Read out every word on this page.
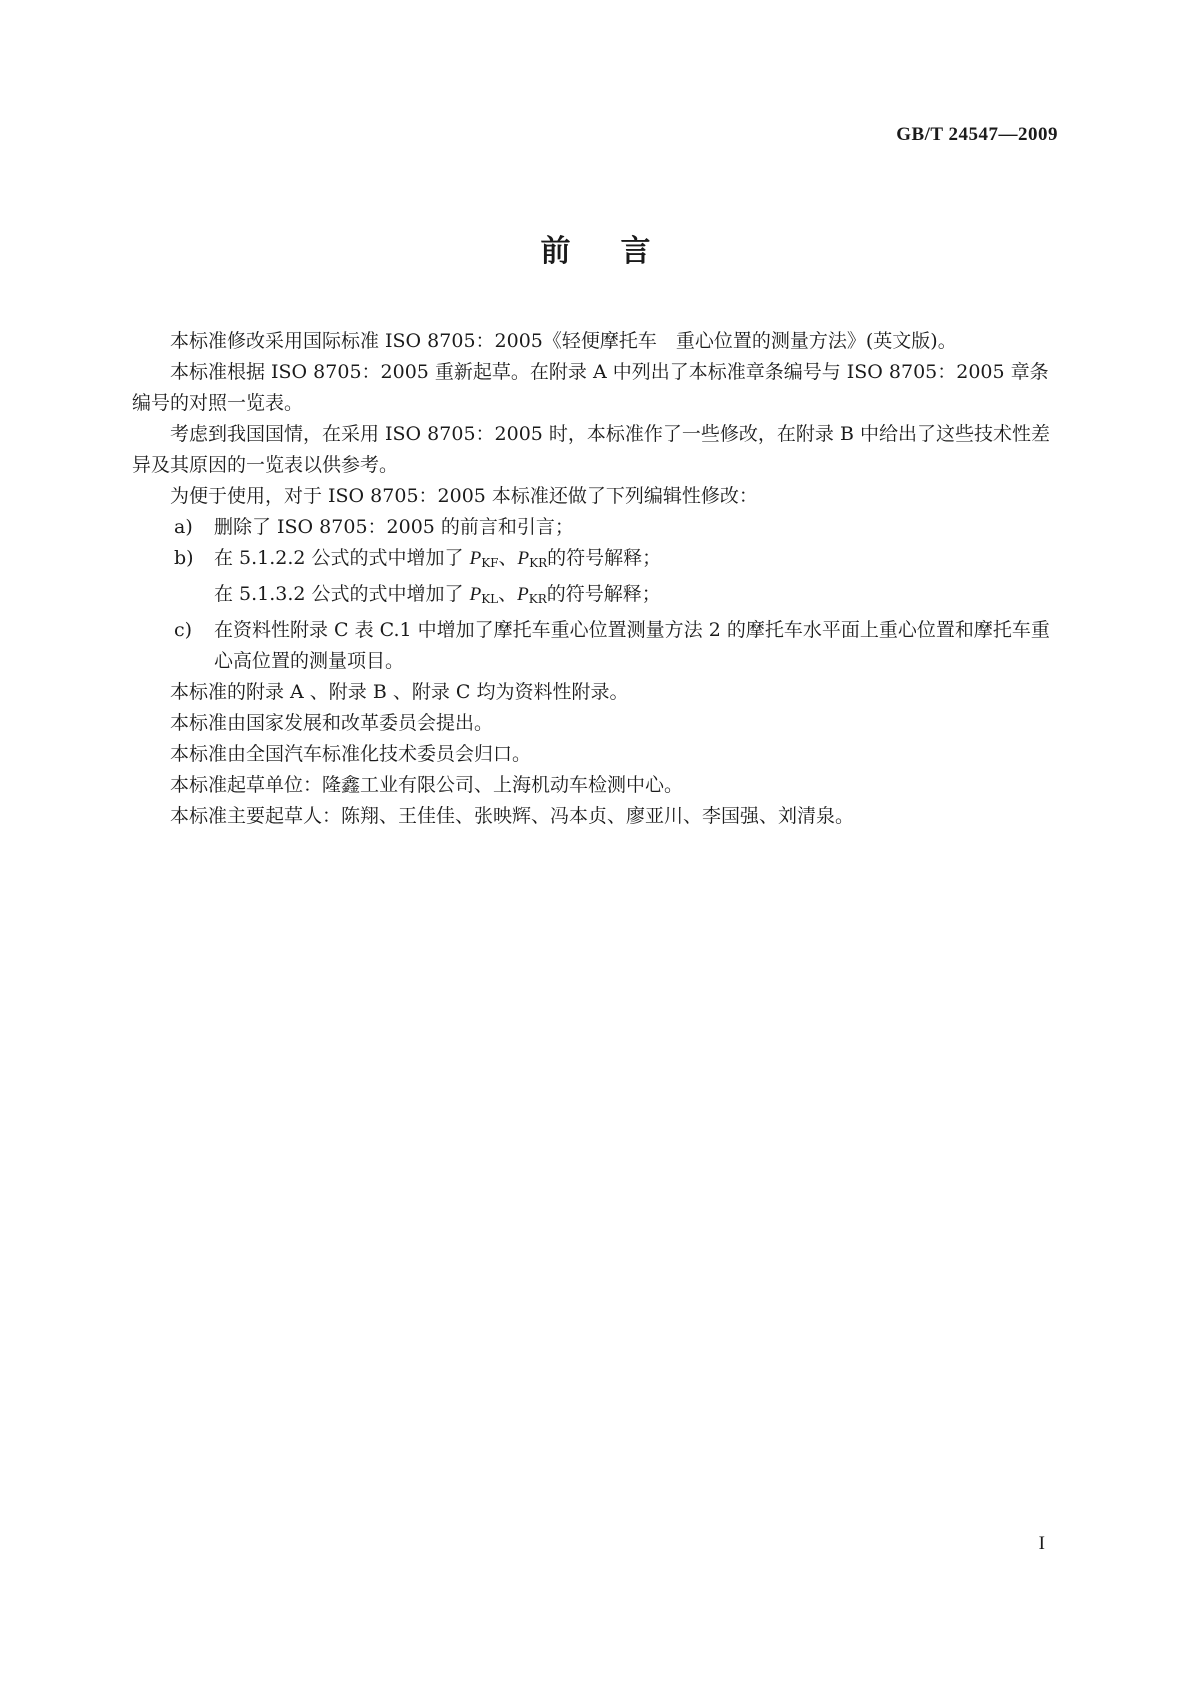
GB/T 24547—2009
前言

本标准修改采用国际标准 ISO 8705：2005《轻便摩托车　重心位置的测量方法》(英文版)。

本标准根据 ISO 8705：2005 重新起草。在附录 A 中列出了本标准章条编号与 ISO 8705：2005 章条编号的对照一览表。

考虑到我国国情，在采用 ISO 8705：2005 时，本标准作了一些修改，在附录 B 中给出了这些技术性差异及其原因的一览表以供参考。

为便于使用，对于 ISO 8705：2005 本标准还做了下列编辑性修改：

a)	删除了 ISO 8705：2005 的前言和引言；
b)	在 5.1.2.2 公式的式中增加了 $P_{KF}$、$P_{KR}$的符号解释；

在 5.1.3.2 公式的式中增加了 $P_{KL}$、$P_{KR}$的符号解释；

c)	在资料性附录 C 表 C.1 中增加了摩托车重心位置测量方法 2 的摩托车水平面上重心位置和摩托车重心高位置的测量项目。

本标准的附录 A 、附录 B 、附录 C 均为资料性附录。

本标准由国家发展和改革委员会提出。

本标准由全国汽车标准化技术委员会归口。

本标准起草单位：隆鑫工业有限公司、上海机动车检测中心。

本标准主要起草人：陈翔、王佳佳、张映辉、冯本贞、廖亚川、李国强、刘清泉。

I
